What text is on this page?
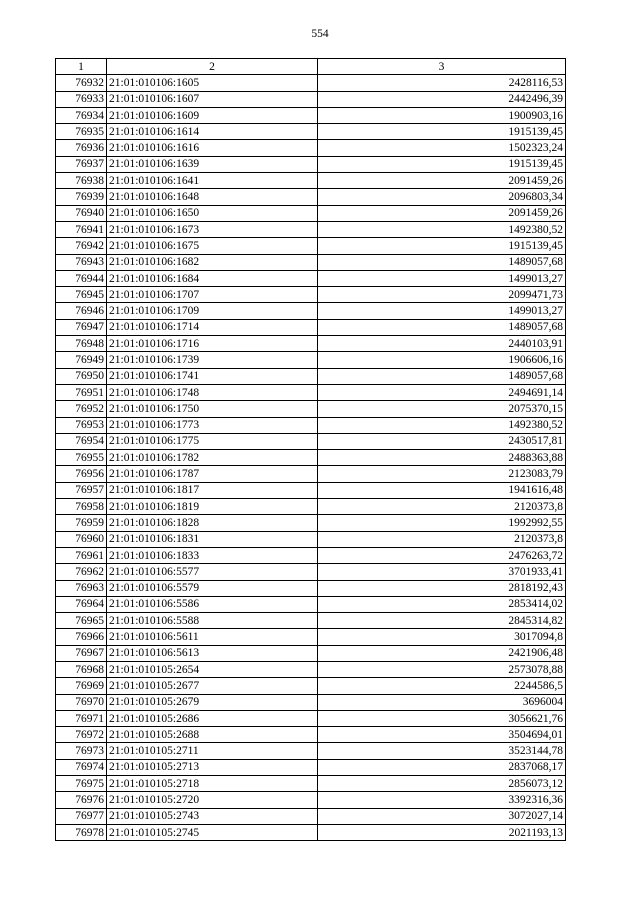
554
1	2	3
76932	21:01:010106:1605	2428116,53
76933	21:01:010106:1607	2442496,39
76934	21:01:010106:1609	1900903,16
76935	21:01:010106:1614	1915139,45
76936	21:01:010106:1616	1502323,24
76937	21:01:010106:1639	1915139,45
76938	21:01:010106:1641	2091459,26
76939	21:01:010106:1648	2096803,34
76940	21:01:010106:1650	2091459,26
76941	21:01:010106:1673	1492380,52
76942	21:01:010106:1675	1915139,45
76943	21:01:010106:1682	1489057,68
76944	21:01:010106:1684	1499013,27
76945	21:01:010106:1707	2099471,73
76946	21:01:010106:1709	1499013,27
76947	21:01:010106:1714	1489057,68
76948	21:01:010106:1716	2440103,91
76949	21:01:010106:1739	1906606,16
76950	21:01:010106:1741	1489057,68
76951	21:01:010106:1748	2494691,14
76952	21:01:010106:1750	2075370,15
76953	21:01:010106:1773	1492380,52
76954	21:01:010106:1775	2430517,81
76955	21:01:010106:1782	2488363,88
76956	21:01:010106:1787	2123083,79
76957	21:01:010106:1817	1941616,48
76958	21:01:010106:1819	2120373,8
76959	21:01:010106:1828	1992992,55
76960	21:01:010106:1831	2120373,8
76961	21:01:010106:1833	2476263,72
76962	21:01:010106:5577	3701933,41
76963	21:01:010106:5579	2818192,43
76964	21:01:010106:5586	2853414,02
76965	21:01:010106:5588	2845314,82
76966	21:01:010106:5611	3017094,8
76967	21:01:010106:5613	2421906,48
76968	21:01:010105:2654	2573078,88
76969	21:01:010105:2677	2244586,5
76970	21:01:010105:2679	3696004
76971	21:01:010105:2686	3056621,76
76972	21:01:010105:2688	3504694,01
76973	21:01:010105:2711	3523144,78
76974	21:01:010105:2713	2837068,17
76975	21:01:010105:2718	2856073,12
76976	21:01:010105:2720	3392316,36
76977	21:01:010105:2743	3072027,14
76978	21:01:010105:2745	2021193,13
